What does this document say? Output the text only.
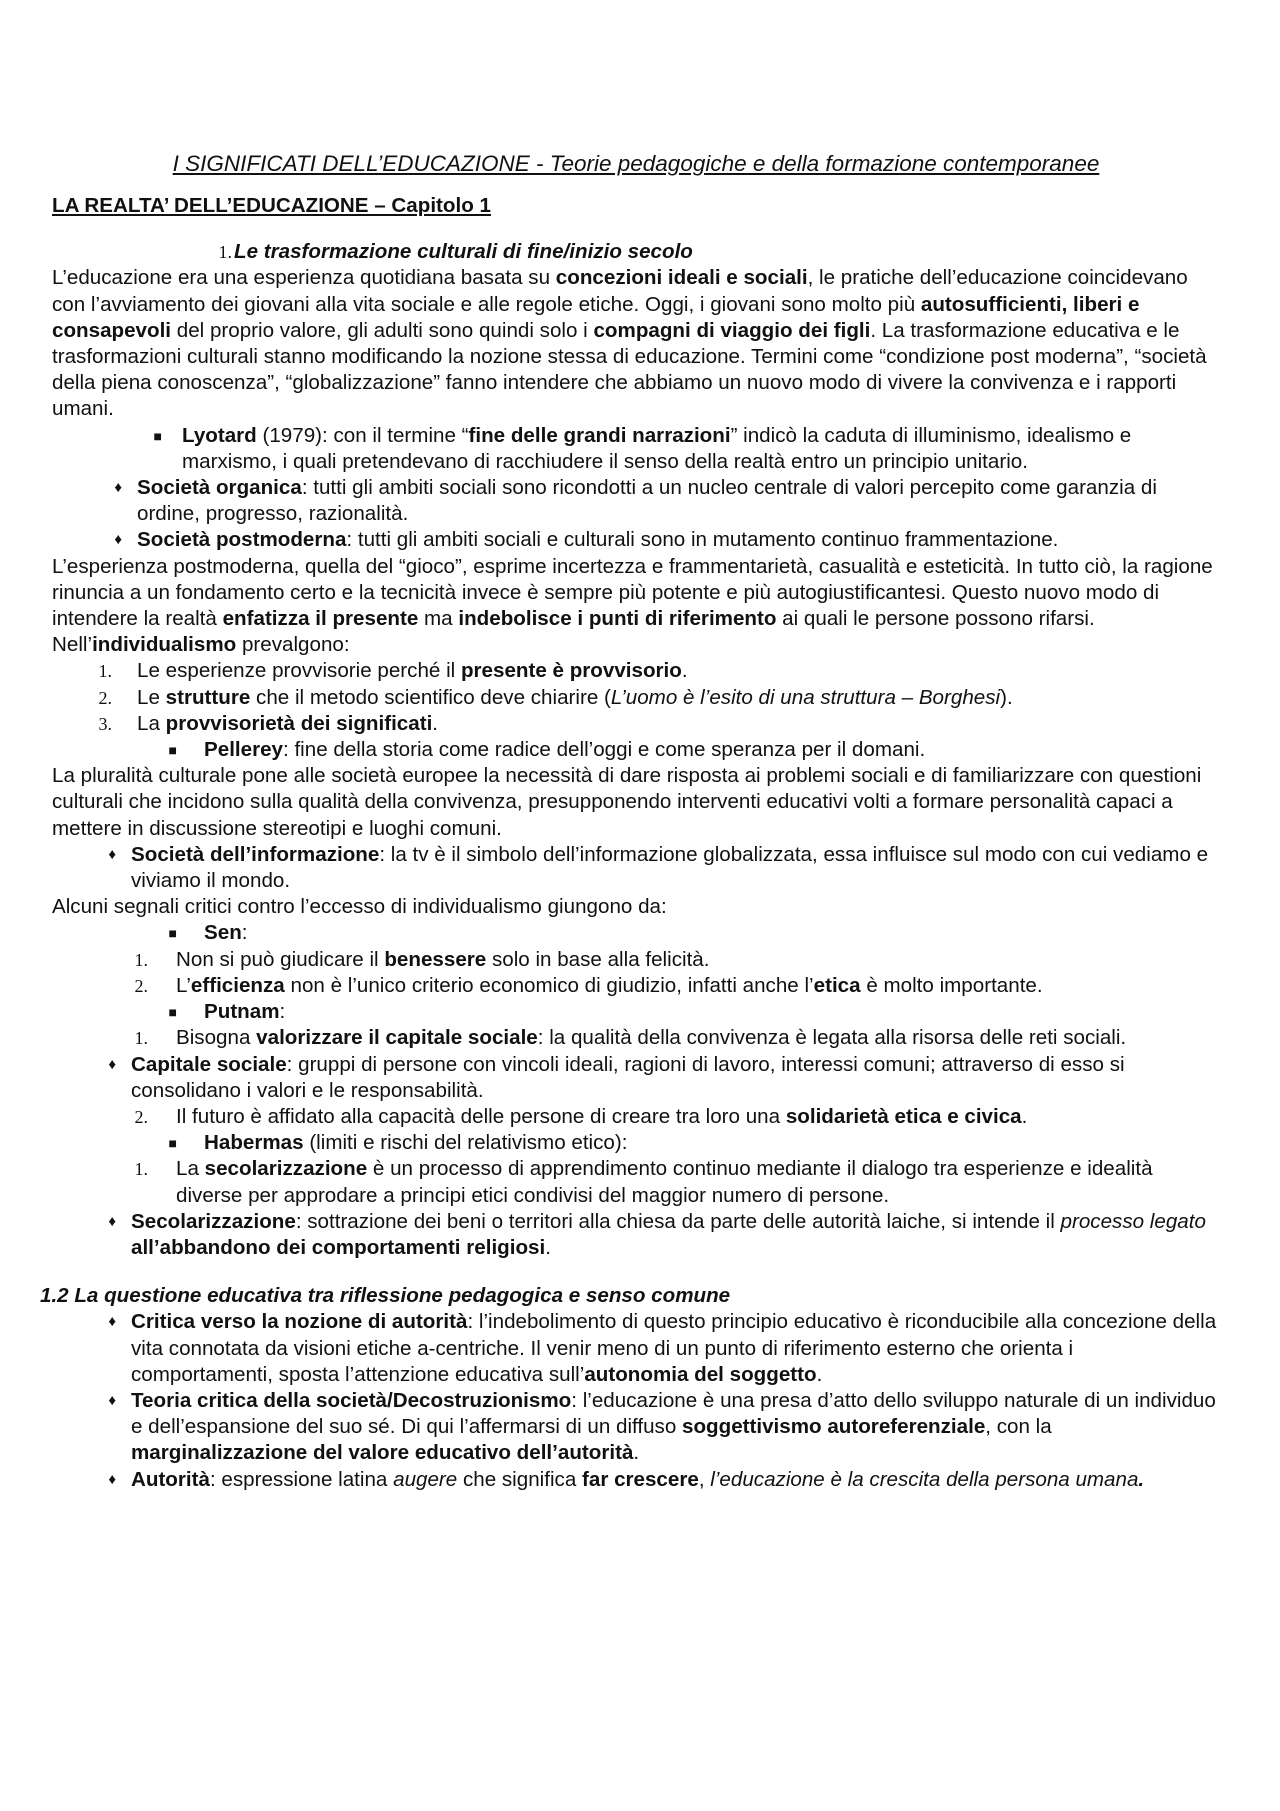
I SIGNIFICATI DELL’EDUCAZIONE - Teorie pedagogiche e della formazione contemporanee
LA REALTA’ DELL’EDUCAZIONE – Capitolo 1
1. Le trasformazione culturali di fine/inizio secolo
L’educazione era una esperienza quotidiana basata su concezioni ideali e sociali, le pratiche dell’educazione coincidevano con l’avviamento dei giovani alla vita sociale e alle regole etiche. Oggi, i giovani sono molto più autosufficienti, liberi e consapevoli del proprio valore, gli adulti sono quindi solo i compagni di viaggio dei figli. La trasformazione educativa e le trasformazioni culturali stanno modificando la nozione stessa di educazione. Termini come “condizione post moderna”, “società della piena conoscenza”, “globalizzazione” fanno intendere che abbiamo un nuovo modo di vivere la convivenza e i rapporti umani.
■ Lyotard (1979): con il termine “fine delle grandi narrazioni” indicò la caduta di illuminismo, idealismo e marxismo, i quali pretendevano di racchiudere il senso della realtà entro un principio unitario.
♦ Società organica: tutti gli ambiti sociali sono ricondotti a un nucleo centrale di valori percepito come garanzia di ordine, progresso, razionalità.
♦ Società postmoderna: tutti gli ambiti sociali e culturali sono in mutamento continuo frammentazione.
L’esperienza postmoderna, quella del “gioco”, esprime incertezza e frammentarietà, casualità e esteticità. In tutto ciò, la ragione rinuncia a un fondamento certo e la tecnicità invece è sempre più potente e più autogiustificantesi. Questo nuovo modo di intendere la realtà enfatizza il presente ma indebolisce i punti di riferimento ai quali le persone possono rifarsi. Nell’individualismo prevalgono:
1. Le esperienze provvisorie perché il presente è provvisorio.
2. Le strutture che il metodo scientifico deve chiarire (L’uomo è l’esito di una struttura – Borghesi).
3. La provvisorietà dei significati.
■ Pellerey: fine della storia come radice dell’oggi e come speranza per il domani.
La pluralità culturale pone alle società europee la necessità di dare risposta ai problemi sociali e di familiarizzare con questioni culturali che incidono sulla qualità della convivenza, presupponendo interventi educativi volti a formare personalità capaci a mettere in discussione stereotipi e luoghi comuni.
♦ Società dell’informazione: la tv è il simbolo dell’informazione globalizzata, essa influisce sul modo con cui vediamo e viviamo il mondo.
Alcuni segnali critici contro l’eccesso di individualismo giungono da:
■ Sen:
1. Non si può giudicare il benessere solo in base alla felicità.
2. L’efficienza non è l’unico criterio economico di giudizio, infatti anche l’etica è molto importante.
■ Putnam:
1. Bisogna valorizzare il capitale sociale: la qualità della convivenza è legata alla risorsa delle reti sociali.
♦ Capitale sociale: gruppi di persone con vincoli ideali, ragioni di lavoro, interessi comuni; attraverso di esso si consolidano i valori e le responsabilità.
2. Il futuro è affidato alla capacità delle persone di creare tra loro una solidarietà etica e civica.
■ Habermas (limiti e rischi del relativismo etico):
1. La secolarizzazione è un processo di apprendimento continuo mediante il dialogo tra esperienze e idealità diverse per approdare a principi etici condivisi del maggior numero di persone.
♦ Secolarizzazione: sottrazione dei beni o territori alla chiesa da parte delle autorità laiche, si intende il processo legato all’abbandono dei comportamenti religiosi.
1.2 La questione educativa tra riflessione pedagogica e senso comune
♦ Critica verso la nozione di autorità: l’indebolimento di questo principio educativo è riconducibile alla concezione della vita connotata da visioni etiche a-centriche. Il venir meno di un punto di riferimento esterno che orienta i comportamenti, sposta l’attenzione educativa sull’autonomia del soggetto.
♦ Teoria critica della società/Decostruzionismo: l’educazione è una presa d’atto dello sviluppo naturale di un individuo e dell’espansione del suo sé. Di qui l’affermarsi di un diffuso soggettivismo autoreferenziale, con la marginalizzazione del valore educativo dell’autorità.
♦ Autorità: espressione latina augere che significa far crescere, l’educazione è la crescita della persona umana.
